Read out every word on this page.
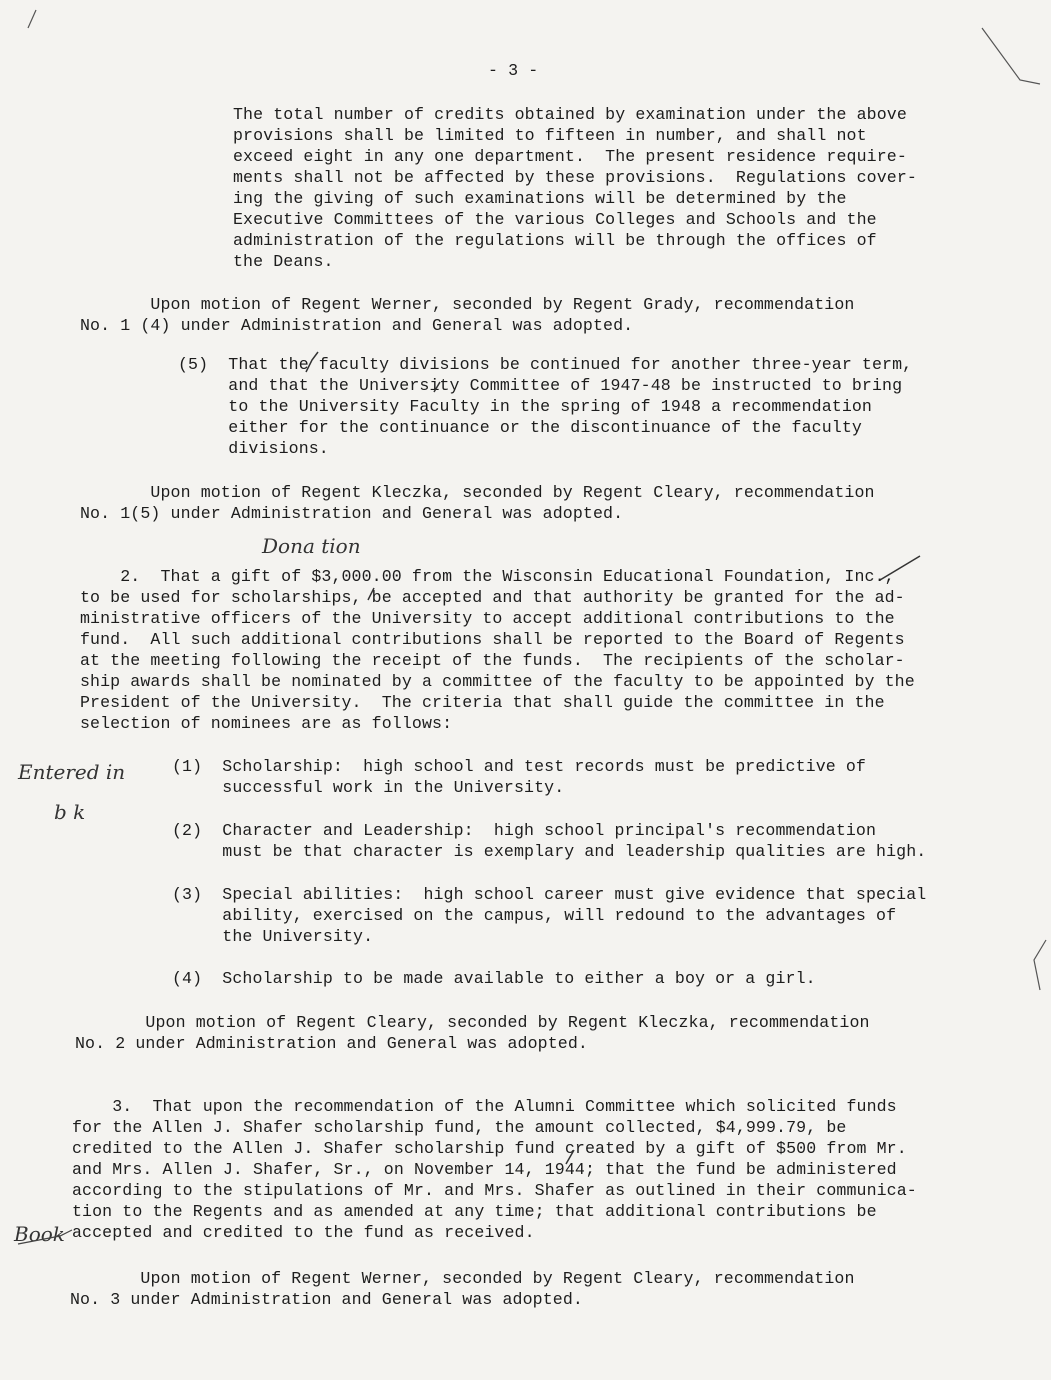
- 3 -
The total number of credits obtained by examination under the above
provisions shall be limited to fifteen in number, and shall not
exceed eight in any one department.  The present residence require-
ments shall not be affected by these provisions.  Regulations cover-
ing the giving of such examinations will be determined by the
Executive Committees of the various Colleges and Schools and the
administration of the regulations will be through the offices of
the Deans.
Upon motion of Regent Werner, seconded by Regent Grady, recommendation
No. 1 (4) under Administration and General was adopted.
(5)  That the faculty divisions be continued for another three-year term,
and that the University Committee of 1947-48 be instructed to bring
to the University Faculty in the spring of 1948 a recommendation
either for the continuance or the discontinuance of the faculty
divisions.
Upon motion of Regent Kleczka, seconded by Regent Cleary, recommendation
No. 1(5) under Administration and General was adopted.
2.  That a gift of $3,000.00 from the Wisconsin Educational Foundation, Inc.,
to be used for scholarships, be accepted and that authority be granted for the ad-
ministrative officers of the University to accept additional contributions to the
fund.  All such additional contributions shall be reported to the Board of Regents
at the meeting following the receipt of the funds.  The recipients of the scholar-
ship awards shall be nominated by a committee of the faculty to be appointed by the
President of the University.  The criteria that shall guide the committee in the
selection of nominees are as follows:
(1)  Scholarship:  high school and test records must be predictive of
successful work in the University.
(2)  Character and Leadership:  high school principal's recommendation
must be that character is exemplary and leadership qualities are high.
(3)  Special abilities:  high school career must give evidence that special
ability, exercised on the campus, will redound to the advantages of
the University.
(4)  Scholarship to be made available to either a boy or a girl.
Upon motion of Regent Cleary, seconded by Regent Kleczka, recommendation
No. 2 under Administration and General was adopted.
3.  That upon the recommendation of the Alumni Committee which solicited funds
for the Allen J. Shafer scholarship fund, the amount collected, $4,999.79, be
credited to the Allen J. Shafer scholarship fund created by a gift of $500 from Mr.
and Mrs. Allen J. Shafer, Sr., on November 14, 1944; that the fund be administered
according to the stipulations of Mr. and Mrs. Shafer as outlined in their communica-
tion to the Regents and as amended at any time; that additional contributions be
accepted and credited to the fund as received.
Upon motion of Regent Werner, seconded by Regent Cleary, recommendation
No. 3 under Administration and General was adopted.
Entered in
b k
Book
Dona tion
